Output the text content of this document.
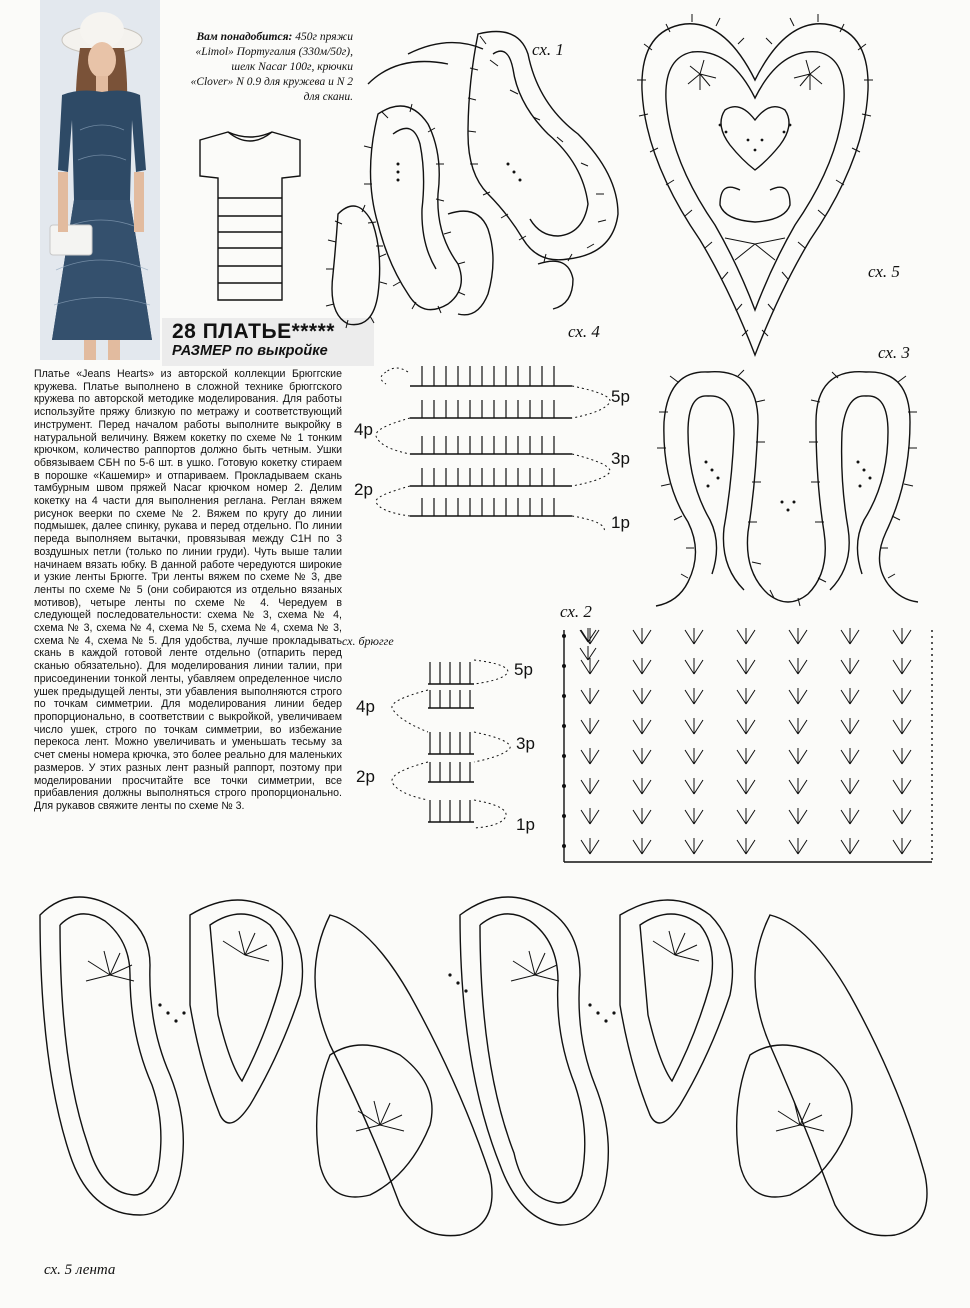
Вам понадобится: 450г пряжи «Limol» Португалия (330м/50г), шелк Nacar 100г, крючки «Clover» N 0.9 для кружева и N 2 для скани.
28 ПЛАТЬЕ*****
РАЗМЕР по выкройке
Платье «Jeans Hearts» из авторской коллекции Брюггские кружева. Платье выполнено в сложной технике брюггского кружева по авторской методике моделирования. Для работы используйте пряжу близкую по метражу и соответствующий инструмент. Перед началом работы выполните выкройку в натуральной величину. Вяжем кокетку по схеме № 1 тонким крючком, количество раппортов должно быть четным. Ушки обвязываем СБН по 5-6 шт. в ушко. Готовую кокетку стираем в порошке «Кашемир» и отпариваем. Прокладываем скань тамбурным швом пряжей Nacar крючком номер 2. Делим кокетку на 4 части для выполнения реглана. Реглан вяжем рисунок веерки по схеме № 2. Вяжем по кругу до линии подмышек, далее спинку, рукава и перед отдельно. По линии переда выполняем вытачки, провязывая между С1Н по 3 воздушных петли (только по линии груди). Чуть выше талии начинаем вязать юбку. В данной работе чередуются широкие и узкие ленты Брюгге. Три ленты вяжем по схеме № 3, две ленты по схеме № 5 (они собираются из отдельно вязаных мотивов), четыре ленты по схеме № 4. Чередуем в следующей последовательности: схема № 3, схема № 4, схема № 3, схема № 4, схема № 5, схема № 4, схема № 3, схема № 4, схема № 5. Для удобства, лучше прокладывать скань в каждой готовой ленте отдельно (отпарить перед сканью обязательно). Для моделирования линии талии, при присоединении тонкой ленты, убавляем определенное число ушек предыдущей ленты, эти убавления выполняются строго по точкам симметрии. Для моделирования линии бедер пропорционально, в соответствии с выкройкой, увеличиваем число ушек, строго по точкам симметрии, во избежание перекоса лент. Можно увеличивать и уменьшать тесьму за счет смены номера крючка, это более реально для маленьких размеров. У этих разных лент разный раппорт, поэтому при моделировании просчитайте все точки симметрии, все прибавления должны выполняться строго пропорционально. Для рукавов свяжите ленты по схеме № 3.
сх. 1
сх. 5
сх. 4
5р
4р
3р
2р
1р
сх. 3
сх. 2
сх. брюгге
5р
4р
3р
2р
1р
сх. 5 лента
